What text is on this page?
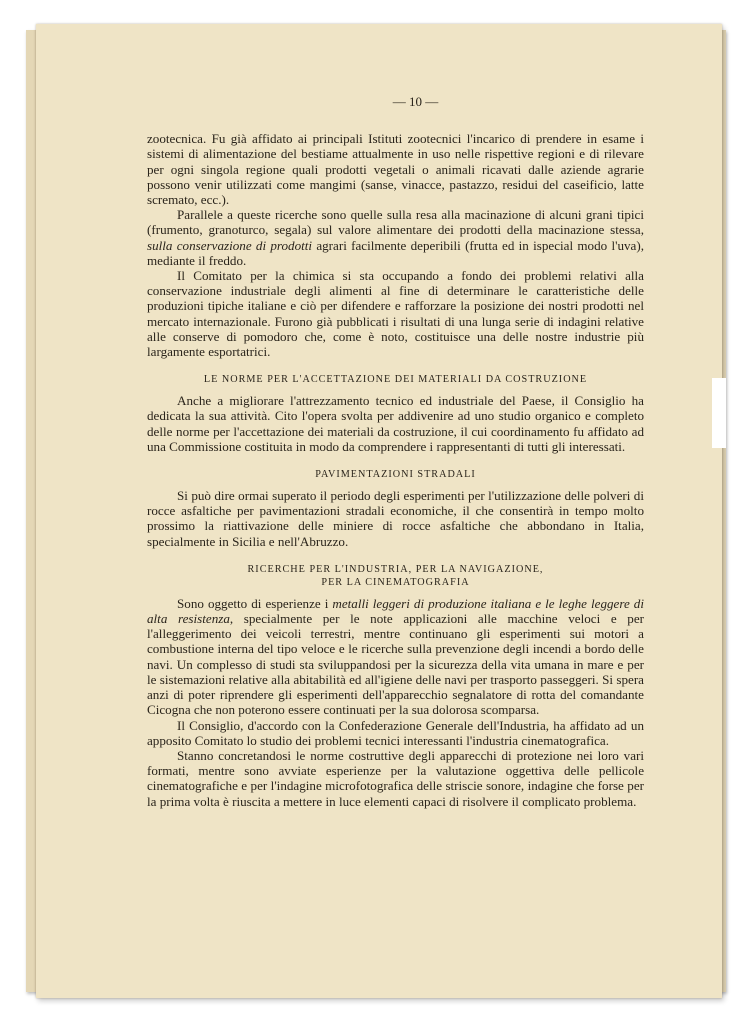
— 10 —

zootecnica. Fu già affidato ai principali Istituti zootecnici l'incarico di prendere in esame i sistemi di alimentazione del bestiame attualmente in uso nelle rispettive regioni e di rilevare per ogni singola regione quali prodotti vegetali o animali ricavati dalle aziende agrarie possono venir utilizzati come mangimi (sanse, vinacce, pastazzo, residui del caseificio, latte scremato, ecc.).

Parallele a queste ricerche sono quelle sulla resa alla macinazione di alcuni grani tipici (frumento, granoturco, segala) sul valore alimentare dei prodotti della macinazione stessa, sulla conservazione di prodotti agrari facilmente deperibili (frutta ed in ispecial modo l'uva), mediante il freddo.

Il Comitato per la chimica si sta occupando a fondo dei problemi relativi alla conservazione industriale degli alimenti al fine di determinare le caratteristiche delle produzioni tipiche italiane e ciò per difendere e rafforzare la posizione dei nostri prodotti nel mercato internazionale. Furono già pubblicati i risultati di una lunga serie di indagini relative alle conserve di pomodoro che, come è noto, costituisce una delle nostre industrie più largamente esportatrici.

LE NORME PER L'ACCETTAZIONE DEI MATERIALI DA COSTRUZIONE

Anche a migliorare l'attrezzamento tecnico ed industriale del Paese, il Consiglio ha dedicata la sua attività. Cito l'opera svolta per addivenire ad uno studio organico e completo delle norme per l'accettazione dei materiali da costruzione, il cui coordinamento fu affidato ad una Commissione costituita in modo da comprendere i rappresentanti di tutti gli interessati.

PAVIMENTAZIONI STRADALI

Si può dire ormai superato il periodo degli esperimenti per l'utilizzazione delle polveri di rocce asfaltiche per pavimentazioni stradali economiche, il che consentirà in tempo molto prossimo la riattivazione delle miniere di rocce asfaltiche che abbondano in Italia, specialmente in Sicilia e nell'Abruzzo.

RICERCHE PER L'INDUSTRIA, PER LA NAVIGAZIONE,
PER LA CINEMATOGRAFIA

Sono oggetto di esperienze i metalli leggeri di produzione italiana e le leghe leggere di alta resistenza, specialmente per le note applicazioni alle macchine veloci e per l'alleggerimento dei veicoli terrestri, mentre continuano gli esperimenti sui motori a combustione interna del tipo veloce e le ricerche sulla prevenzione degli incendi a bordo delle navi. Un complesso di studi sta sviluppandosi per la sicurezza della vita umana in mare e per le sistemazioni relative alla abitabilità ed all'igiene delle navi per trasporto passeggeri. Si spera anzi di poter riprendere gli esperimenti dell'apparecchio segnalatore di rotta del comandante Cicogna che non poterono essere continuati per la sua dolorosa scomparsa.

Il Consiglio, d'accordo con la Confederazione Generale dell'Industria, ha affidato ad un apposito Comitato lo studio dei problemi tecnici interessanti l'industria cinematografica.

Stanno concretandosi le norme costruttive degli apparecchi di protezione nei loro vari formati, mentre sono avviate esperienze per la valutazione oggettiva delle pellicole cinematografiche e per l'indagine microfotografica delle striscie sonore, indagine che forse per la prima volta è riuscita a mettere in luce elementi capaci di risolvere il complicato problema.
